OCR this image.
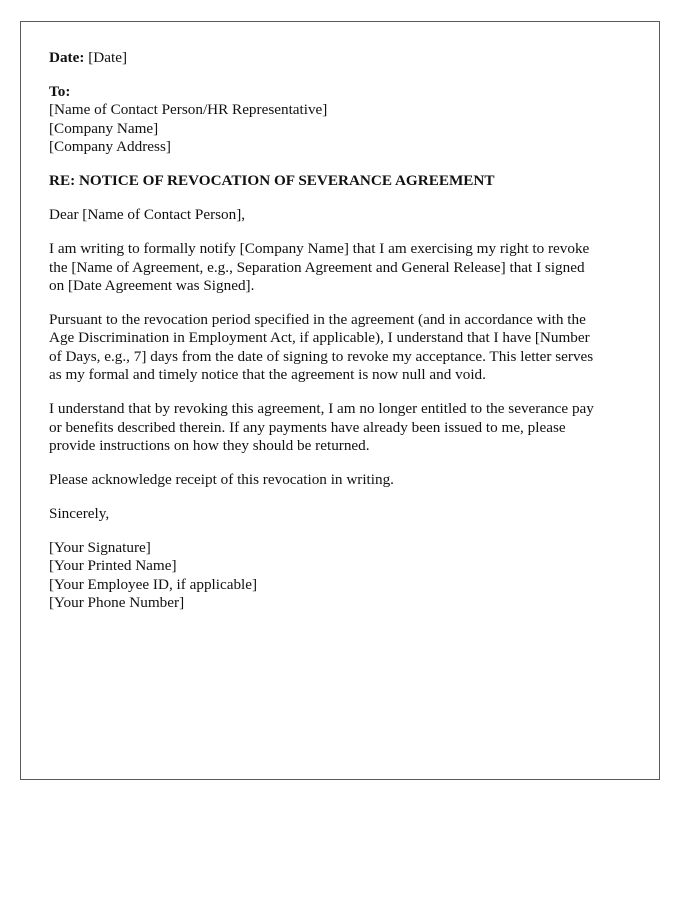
Date: [Date]
To:
[Name of Contact Person/HR Representative]
[Company Name]
[Company Address]
RE: NOTICE OF REVOCATION OF SEVERANCE AGREEMENT

Dear [Name of Contact Person],

I am writing to formally notify [Company Name] that I am exercising my right to revoke
the [Name of Agreement, e.g., Separation Agreement and General Release] that I signed
on [Date Agreement was Signed].

Pursuant to the revocation period specified in the agreement (and in accordance with the
Age Discrimination in Employment Act, if applicable), I understand that I have [Number
of Days, e.g., 7] days from the date of signing to revoke my acceptance. This letter serves
as my formal and timely notice that the agreement is now null and void.

I understand that by revoking this agreement, I am no longer entitled to the severance pay
or benefits described therein. If any payments have already been issued to me, please
provide instructions on how they should be returned.

Please acknowledge receipt of this revocation in writing.

Sincerely,

[Your Signature]
[Your Printed Name]
[Your Employee ID, if applicable]
[Your Phone Number]
